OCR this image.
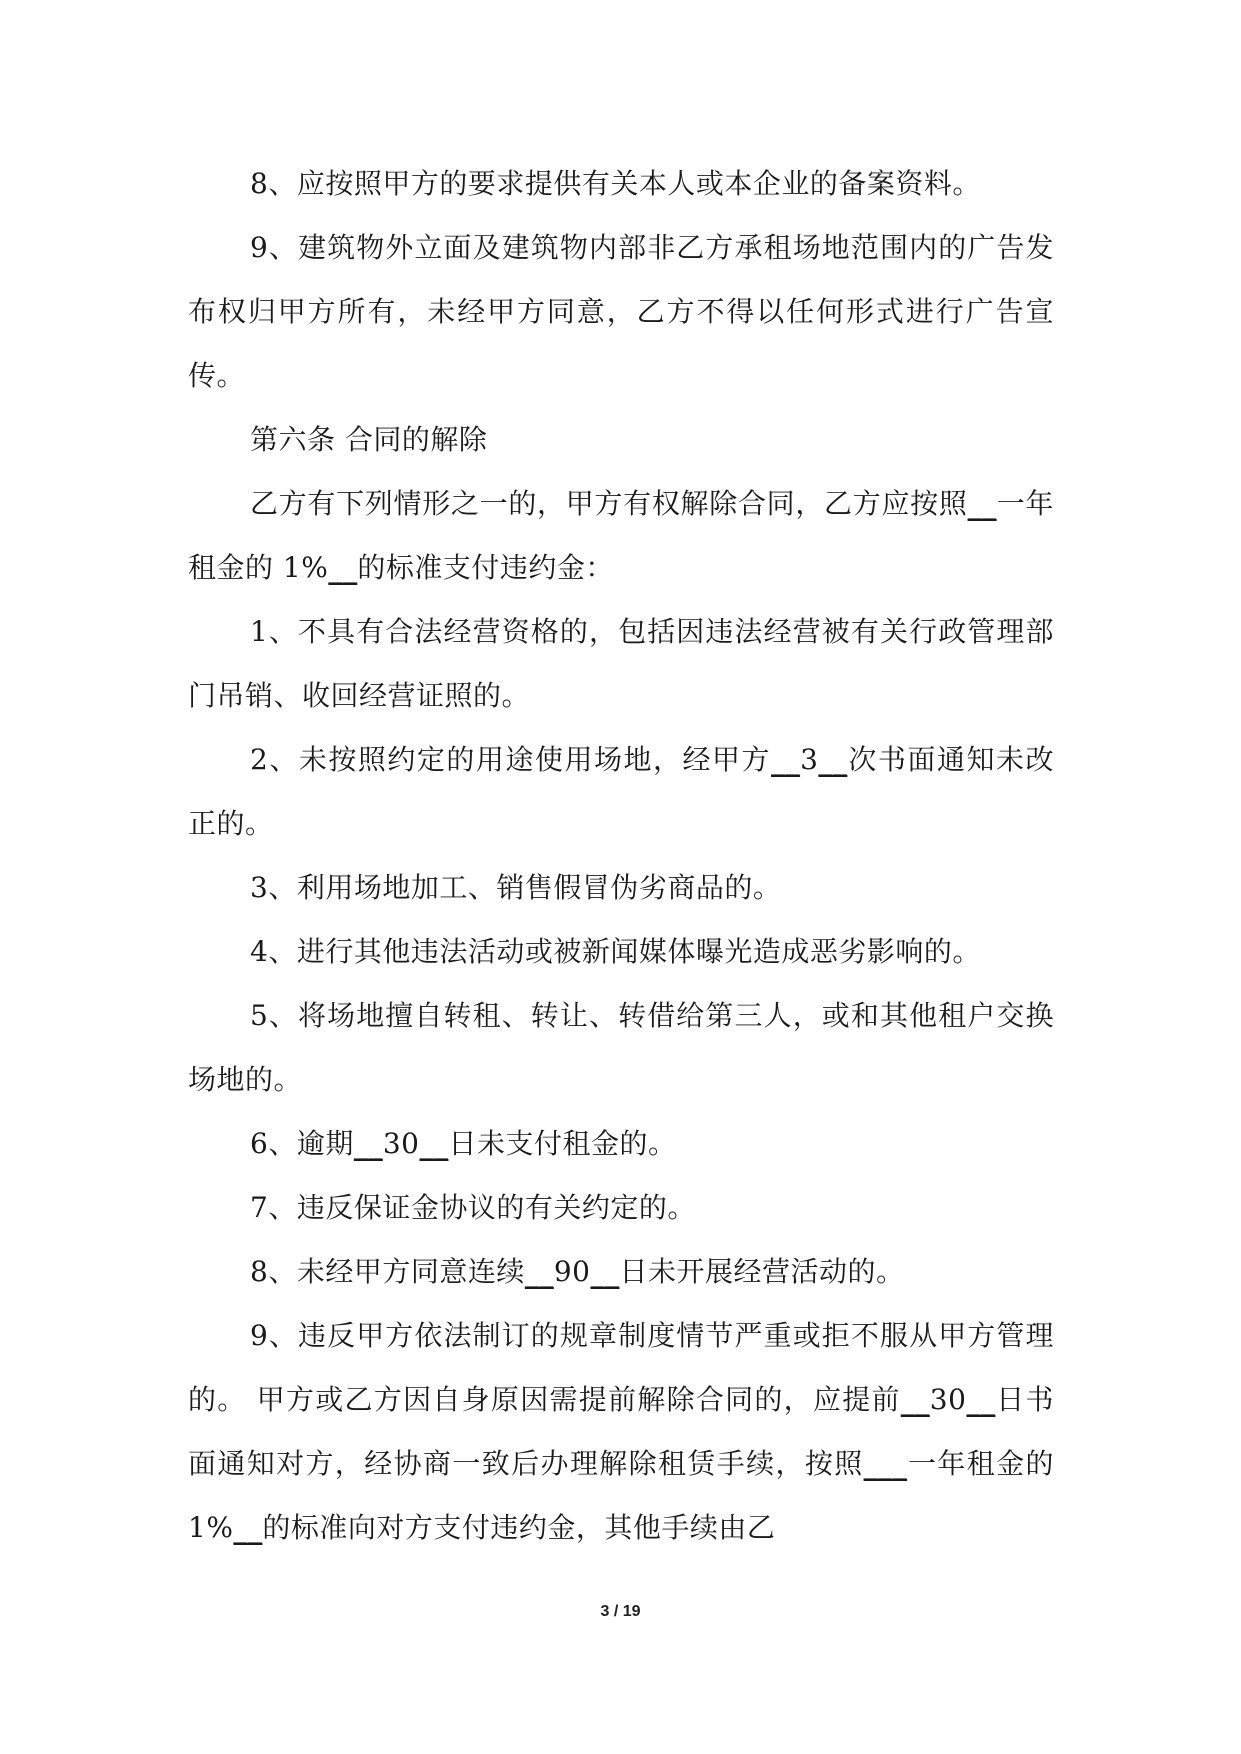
8、应按照甲方的要求提供有关本人或本企业的备案资料。

9、建筑物外立面及建筑物内部非乙方承租场地范围内的广告发布权归甲方所有，未经甲方同意，乙方不得以任何形式进行广告宣传。

第六条 合同的解除

乙方有下列情形之一的，甲方有权解除合同，乙方应按照__一年租金的 1%__的标准支付违约金：

1、不具有合法经营资格的，包括因违法经营被有关行政管理部门吊销、收回经营证照的。

2、未按照约定的用途使用场地，经甲方__3__次书面通知未改正的。

3、利用场地加工、销售假冒伪劣商品的。

4、进行其他违法活动或被新闻媒体曝光造成恶劣影响的。

5、将场地擅自转租、转让、转借给第三人，或和其他租户交换场地的。

6、逾期__30__日未支付租金的。

7、违反保证金协议的有关约定的。

8、未经甲方同意连续__90__日未开展经营活动的。

9、违反甲方依法制订的规章制度情节严重或拒不服从甲方管理的。 甲方或乙方因自身原因需提前解除合同的，应提前__30__日书面通知对方，经协商一致后办理解除租赁手续，按照___一年租金的 1%__的标准向对方支付违约金，其他手续由乙

3 / 19
